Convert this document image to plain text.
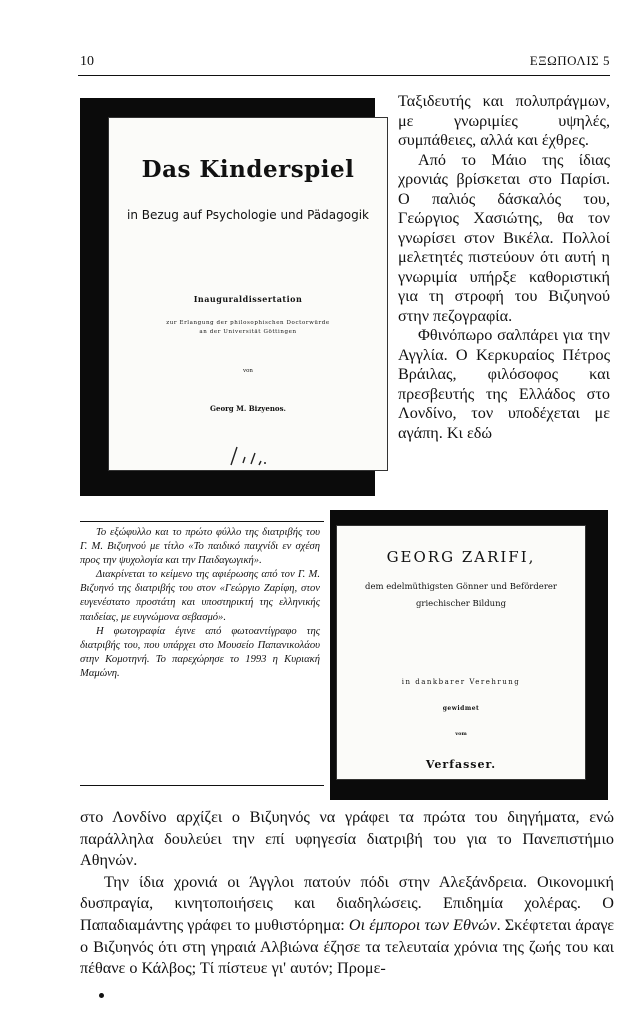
10	ΕΞΩΠΟΛΙΣ 5
Das Kinderspiel
in Bezug auf Psychologie und Pädagogik
Inauguraldissertation
zur Erlangung der philosophischen Doctorwürde
an der Universität Göttingen
von
Georg M. Bizyenos.

Ταξιδευτής και πολυπράγμων, με γνωριμίες υψηλές, συμπάθειες, αλλά και έχθρες.

Από το Μάιο της ίδιας χρονιάς βρίσκεται στο Παρίσι. Ο παλιός δάσκαλός του, Γεώργιος Χασιώτης, θα τον γνωρίσει στον Βικέλα. Πολλοί μελετητές πιστεύουν ότι αυτή η γνωριμία υπήρξε καθοριστική για τη στροφή του Βιζυηνού στην πεζογραφία.

Φθινόπωρο σαλπάρει για την Αγγλία. Ο Κερκυραίος Πέτρος Βράιλας, φιλόσοφος και πρεσβευτής της Ελλάδος στο Λονδίνο, τον υποδέχεται με αγάπη. Κι εδώ

Το εξώφυλλο και το πρώτο φύλλο της διατριβής του Γ. Μ. Βιζυηνού με τίτλο «Το παιδικό παιχνίδι εν σχέση προς την ψυχολογία και την Παιδαγωγική».

Διακρίνεται το κείμενο της αφιέρωσης από τον Γ. Μ. Βιζυηνό της διατριβής του στον «Γεώργιο Ζαρίφη, στον ευγενέστατο προστάτη και υποστηρικτή της ελληνικής παιδείας, με ευγνώμονα σεβασμό».

Η φωτογραφία έγινε από φωτοαντίγραφο της διατριβής του, που υπάρχει στο Μουσείο Παπανικολάου στην Κομοτηνή. Το παρεχώρησε το 1993 η Κυριακή Μαμώνη.

GEORG ZARIFI,
dem edelmüthigsten Gönner und Beförderer
griechischer Bildung
in dankbarer Verehrung
gewidmet
vom
Verfasser.

στο Λονδίνο αρχίζει ο Βιζυηνός να γράφει τα πρώτα του διηγήματα, ενώ παράλληλα δουλεύει την επί υφηγεσία διατριβή του για το Πανεπιστήμιο Αθηνών.

Την ίδια χρονιά οι Άγγλοι πατούν πόδι στην Αλεξάνδρεια. Οικονομική δυσπραγία, κινητοποιήσεις και διαδηλώσεις. Επιδημία χολέρας. Ο Παπαδιαμάντης γράφει το μυθιστόρημα: Οι έμποροι των Εθνών. Σκέφτεται άραγε ο Βιζυηνός ότι στη γηραιά Αλβιώνα έζησε τα τελευταία χρόνια της ζωής του και πέθανε ο Κάλβος; Τί πίστευε γι' αυτόν; Προμε-
